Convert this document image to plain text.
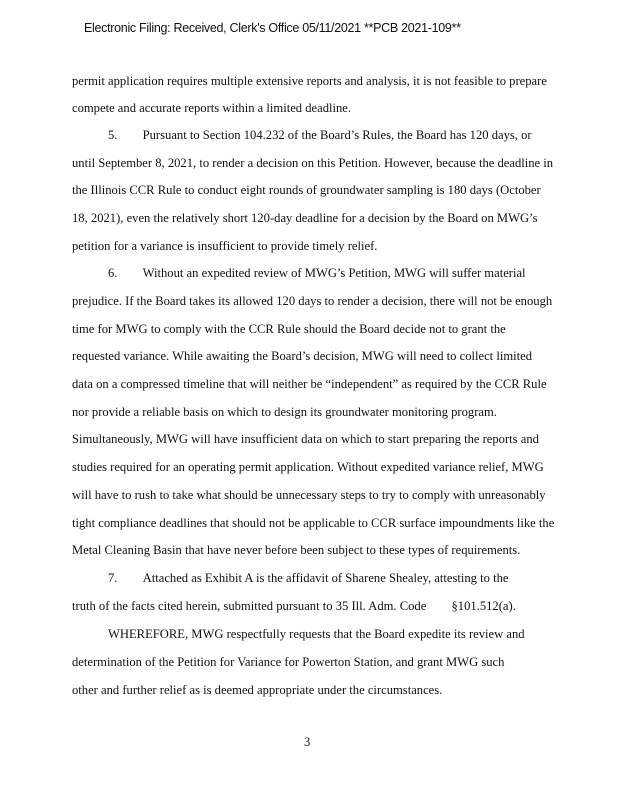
Electronic Filing: Received, Clerk's Office 05/11/2021 **PCB 2021-109**
permit application requires multiple extensive reports and analysis, it is not feasible to prepare
compete and accurate reports within a limited deadline.
5.  Pursuant to Section 104.232 of the Board’s Rules, the Board has 120 days, or
until September 8, 2021, to render a decision on this Petition. However, because the deadline in
the Illinois CCR Rule to conduct eight rounds of groundwater sampling is 180 days (October
18, 2021), even the relatively short 120-day deadline for a decision by the Board on MWG’s
petition for a variance is insufficient to provide timely relief.
6.  Without an expedited review of MWG’s Petition, MWG will suffer material
prejudice. If the Board takes its allowed 120 days to render a decision, there will not be enough
time for MWG to comply with the CCR Rule should the Board decide not to grant the
requested variance. While awaiting the Board’s decision, MWG will need to collect limited
data on a compressed timeline that will neither be “independent” as required by the CCR Rule
nor provide a reliable basis on which to design its groundwater monitoring program.
Simultaneously, MWG will have insufficient data on which to start preparing the reports and
studies required for an operating permit application. Without expedited variance relief, MWG
will have to rush to take what should be unnecessary steps to try to comply with unreasonably
tight compliance deadlines that should not be applicable to CCR surface impoundments like the
Metal Cleaning Basin that have never before been subject to these types of requirements.
7.  Attached as Exhibit A is the affidavit of Sharene Shealey, attesting to the
truth of the facts cited herein, submitted pursuant to 35 Ill. Adm. Code  §101.512(a).
WHEREFORE, MWG respectfully requests that the Board expedite its review and
determination of the Petition for Variance for Powerton Station, and grant MWG such
other and further relief as is deemed appropriate under the circumstances.
3
